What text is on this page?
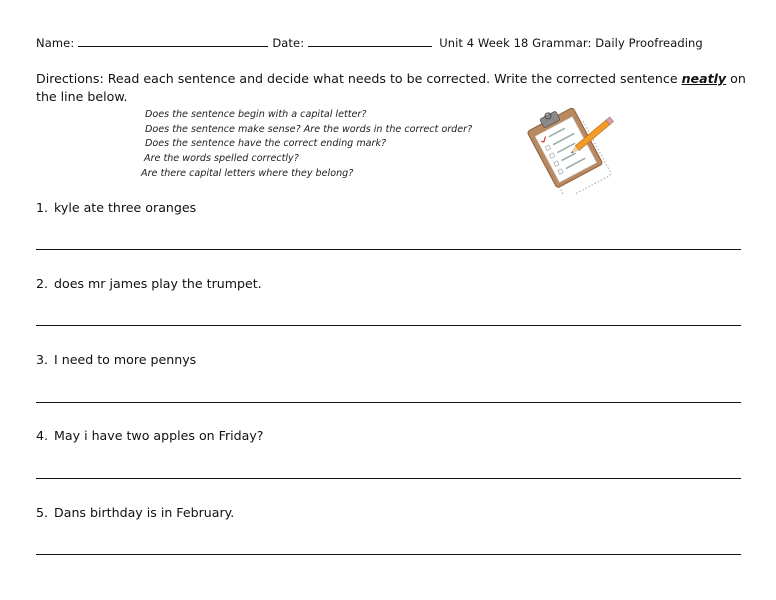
Name:	Date:	Unit 4 Week 18 Grammar: Daily Proofreading
Directions: Read each sentence and decide what needs to be corrected. Write the corrected sentence neatly on the line below.
Does the sentence begin with a capital letter?
Does the sentence make sense? Are the words in the correct order?
Does the sentence have the correct ending mark?
Are the words spelled correctly?
Are there capital letters where they belong?
1. kyle ate three oranges
2. does mr james play the trumpet.
3. I need to more pennys
4. May i have two apples on Friday?
5. Dans birthday is in February.
